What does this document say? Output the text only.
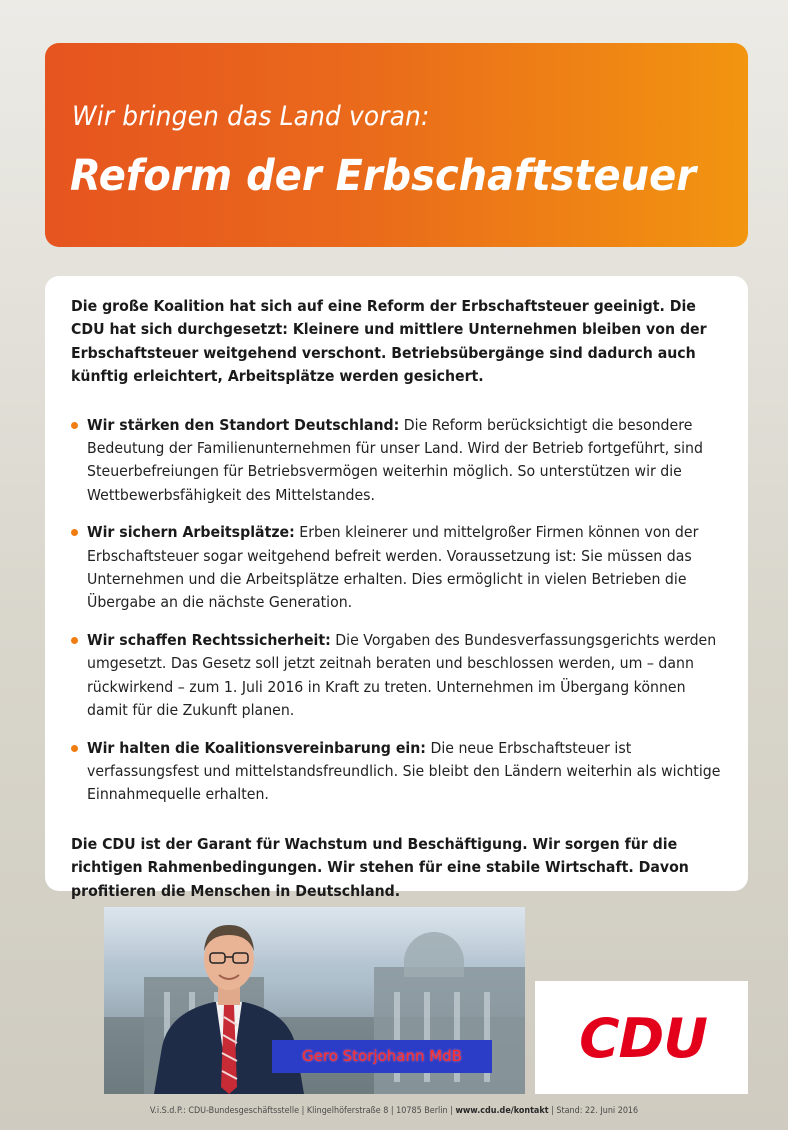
Wir bringen das Land voran:
Reform der Erbschaftsteuer

Die große Koalition hat sich auf eine Reform der Erbschaftsteuer geeinigt. Die CDU hat sich durchgesetzt: Kleinere und mittlere Unternehmen bleiben von der Erbschaftsteuer weitgehend verschont. Betriebsübergänge sind dadurch auch künftig erleichtert, Arbeitsplätze werden gesichert.

Wir stärken den Standort Deutschland: Die Reform berücksichtigt die besondere Bedeutung der Familienunternehmen für unser Land. Wird der Betrieb fortgeführt, sind Steuerbefreiungen für Betriebsvermögen weiterhin möglich. So unterstützen wir die Wettbewerbsfähigkeit des Mittelstandes.
Wir sichern Arbeitsplätze: Erben kleinerer und mittelgroßer Firmen können von der Erbschaftsteuer sogar weitgehend befreit werden. Voraussetzung ist: Sie müssen das Unternehmen und die Arbeitsplätze erhalten. Dies ermöglicht in vielen Betrieben die Übergabe an die nächste Generation.
Wir schaffen Rechtssicherheit: Die Vorgaben des Bundesverfassungsgerichts werden umgesetzt. Das Gesetz soll jetzt zeitnah beraten und beschlossen werden, um – dann rückwirkend – zum 1. Juli 2016 in Kraft zu treten. Unternehmen im Übergang können damit für die Zukunft planen.
Wir halten die Koalitionsvereinbarung ein: Die neue Erbschaftsteuer ist verfassungsfest und mittelstandsfreundlich. Sie bleibt den Ländern weiterhin als wichtige Einnahmequelle erhalten.

Die CDU ist der Garant für Wachstum und Beschäftigung. Wir sorgen für die richtigen Rahmenbedingungen. Wir stehen für eine stabile Wirtschaft. Davon profitieren die Menschen in Deutschland.

Gero Storjohann MdB	CDU
V.i.S.d.P.: CDU-Bundesgeschäftsstelle | Klingelhöferstraße 8 | 10785 Berlin | www.cdu.de/kontakt | Stand: 22. Juni 2016
